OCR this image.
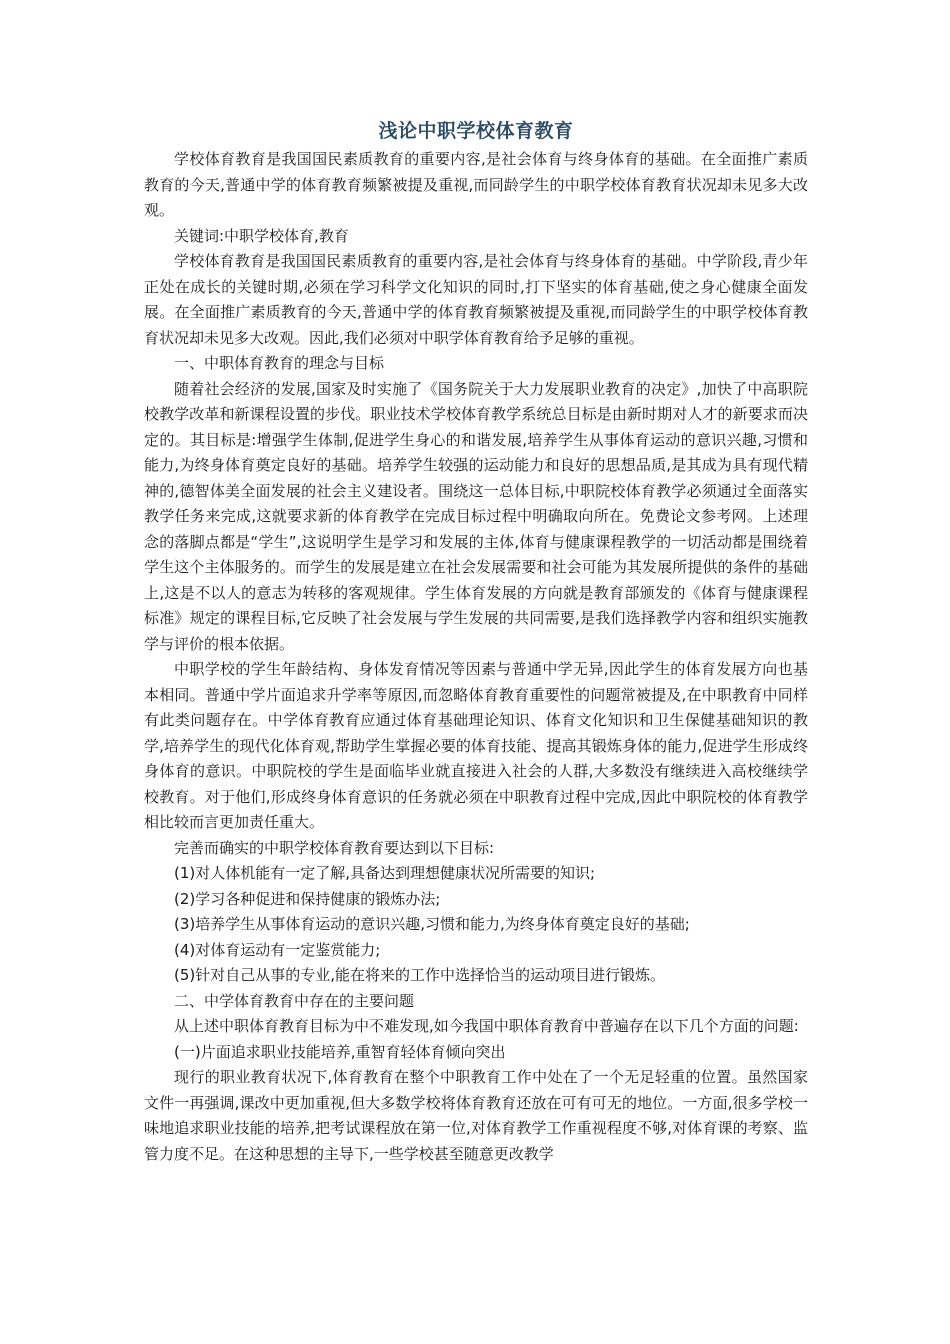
浅论中职学校体育教育

学校体育教育是我国国民素质教育的重要内容,是社会体育与终身体育的基础。在全面推广素质教育的今天,普通中学的体育教育频繁被提及重视,而同龄学生的中职学校体育教育状况却未见多大改观。

关键词:中职学校体育,教育

学校体育教育是我国国民素质教育的重要内容,是社会体育与终身体育的基础。中学阶段,青少年正处在成长的关键时期,必须在学习科学文化知识的同时,打下坚实的体育基础,使之身心健康全面发展。在全面推广素质教育的今天,普通中学的体育教育频繁被提及重视,而同龄学生的中职学校体育教育状况却未见多大改观。因此,我们必须对中职学体育教育给予足够的重视。

一、中职体育教育的理念与目标

随着社会经济的发展,国家及时实施了《国务院关于大力发展职业教育的决定》,加快了中高职院校教学改革和新课程设置的步伐。职业技术学校体育教学系统总目标是由新时期对人才的新要求而决定的。其目标是:增强学生体制,促进学生身心的和谐发展,培养学生从事体育运动的意识兴趣,习惯和能力,为终身体育奠定良好的基础。培养学生较强的运动能力和良好的思想品质,是其成为具有现代精神的,德智体美全面发展的社会主义建设者。围绕这一总体目标,中职院校体育教学必须通过全面落实教学任务来完成,这就要求新的体育教学在完成目标过程中明确取向所在。免费论文参考网。上述理念的落脚点都是“学生”,这说明学生是学习和发展的主体,体育与健康课程教学的一切活动都是围绕着学生这个主体服务的。而学生的发展是建立在社会发展需要和社会可能为其发展所提供的条件的基础上,这是不以人的意志为转移的客观规律。学生体育发展的方向就是教育部颁发的《体育与健康课程标准》规定的课程目标,它反映了社会发展与学生发展的共同需要,是我们选择教学内容和组织实施教学与评价的根本依据。

中职学校的学生年龄结构、身体发育情况等因素与普通中学无异,因此学生的体育发展方向也基本相同。普通中学片面追求升学率等原因,而忽略体育教育重要性的问题常被提及,在中职教育中同样有此类问题存在。中学体育教育应通过体育基础理论知识、体育文化知识和卫生保健基础知识的教学,培养学生的现代化体育观,帮助学生掌握必要的体育技能、提高其锻炼身体的能力,促进学生形成终身体育的意识。中职院校的学生是面临毕业就直接进入社会的人群,大多数没有继续进入高校继续学校教育。对于他们,形成终身体育意识的任务就必须在中职教育过程中完成,因此中职院校的体育教学相比较而言更加责任重大。

完善而确实的中职学校体育教育要达到以下目标:

(1)对人体机能有一定了解,具备达到理想健康状况所需要的知识;

(2)学习各种促进和保持健康的锻炼办法;

(3)培养学生从事体育运动的意识兴趣,习惯和能力,为终身体育奠定良好的基础;

(4)对体育运动有一定鉴赏能力;

(5)针对自己从事的专业,能在将来的工作中选择恰当的运动项目进行锻炼。

二、中学体育教育中存在的主要问题

从上述中职体育教育目标为中不难发现,如今我国中职体育教育中普遍存在以下几个方面的问题:

(一)片面追求职业技能培养,重智育轻体育倾向突出

现行的职业教育状况下,体育教育在整个中职教育工作中处在了一个无足轻重的位置。虽然国家文件一再强调,课改中更加重视,但大多数学校将体育教育还放在可有可无的地位。一方面,很多学校一味地追求职业技能的培养,把考试课程放在第一位,对体育教学工作重视程度不够,对体育课的考察、监管力度不足。在这种思想的主导下,一些学校甚至随意更改教学
